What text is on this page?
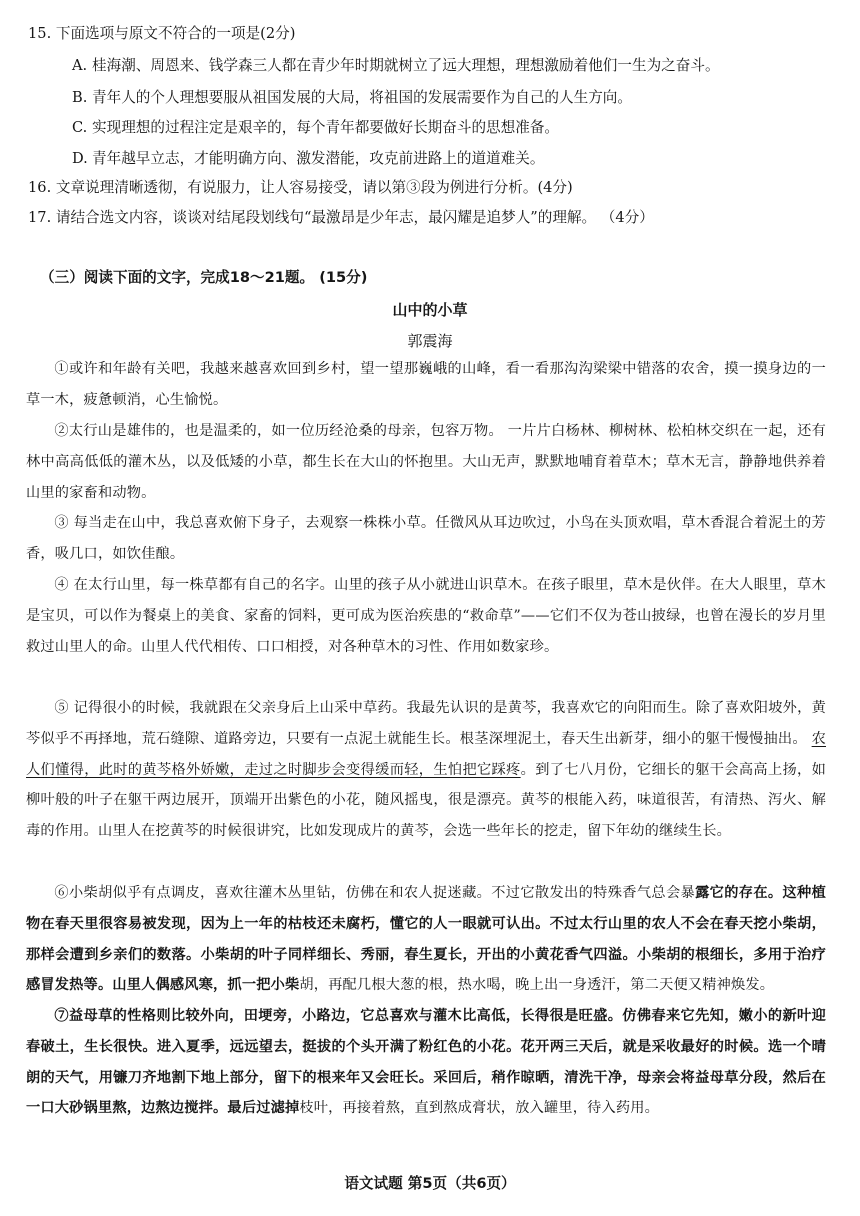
15. 下面选项与原文不符合的一项是(2分)
A. 桂海潮、周恩来、钱学森三人都在青少年时期就树立了远大理想，理想激励着他们一生为之奋斗。
B. 青年人的个人理想要服从祖国发展的大局，将祖国的发展需要作为自己的人生方向。
C. 实现理想的过程注定是艰辛的，每个青年都要做好长期奋斗的思想准备。
D. 青年越早立志，才能明确方向、激发潜能，攻克前进路上的道道难关。
16. 文章说理清晰透彻，有说服力，让人容易接受，请以第③段为例进行分析。(4分)
17. 请结合选文内容，谈谈对结尾段划线句“最激昂是少年志，最闪耀是追梦人”的理解。 （4分）
（三）阅读下面的文字，完成18～21题。 (15分)
山中的小草
郭震海
①或许和年龄有关吧，我越来越喜欢回到乡村，望一望那巍峨的山峰，看一看那沟沟梁梁中错落的农舍，摸一摸身边的一草一木，疲惫顿消，心生愉悦。
②太行山是雄伟的，也是温柔的，如一位历经沧桑的母亲，包容万物。 一片片白杨林、柳树林、松柏林交织在一起，还有林中高高低低的灌木丛，以及低矮的小草，都生长在大山的怀抱里。大山无声，默默地哺育着草木；草木无言，静静地供养着山里的家畜和动物。
③ 每当走在山中，我总喜欢俯下身子，去观察一株株小草。任微风从耳边吹过，小鸟在头顶欢唱，草木香混合着泥土的芳香，吸几口，如饮佳酿。
④ 在太行山里，每一株草都有自己的名字。山里的孩子从小就进山识草木。在孩子眼里，草木是伙伴。在大人眼里，草木是宝贝，可以作为餐桌上的美食、家畜的饲料，更可成为医治疾患的“救命草”——它们不仅为苍山披绿，也曾在漫长的岁月里救过山里人的命。山里人代代相传、口口相授，对各种草木的习性、作用如数家珍。
⑤ 记得很小的时候，我就跟在父亲身后上山采中草药。我最先认识的是黄芩，我喜欢它的向阳而生。除了喜欢阳坡外，黄芩似乎不再择地，荒石缝隙、道路旁边，只要有一点泥土就能生长。根茎深埋泥土，春天生出新芽，细小的躯干慢慢抽出。 农人们懂得，此时的黄芩格外娇嫩，走过之时脚步会变得缓而轻，生怕把它踩疼。到了七八月份，它细长的躯干会高高上扬，如柳叶般的叶子在躯干两边展开，顶端开出紫色的小花，随风摇曳，很是漂亮。黄芩的根能入药，味道很苦，有清热、泻火、解毒的作用。山里人在挖黄芩的时候很讲究，比如发现成片的黄芩，会选一些年长的挖走，留下年幼的继续生长。
⑥小柴胡似乎有点调皮，喜欢往灌木丛里钻，仿佛在和农人捉迷藏。不过它散发出的特殊香气总会暴露它的存在。这种植物在春天里很容易被发现，因为上一年的枯枝还未腐朽，懂它的人一眼就可认出。不过太行山里的农人不会在春天挖小柴胡，那样会遭到乡亲们的数落。小柴胡的叶子同样细长、秀丽，春生夏长，开出的小黄花香气四溢。小柴胡的根细长，多用于治疗感冒发热等。山里人偶感风寒，抓一把小柴胡，再配几根大葱的根，热水喝，晚上出一身透汗，第二天便又精神焕发。
⑦益母草的性格则比较外向，田埂旁，小路边，它总喜欢与灌木比高低，长得很是旺盛。仿佛春来它先知，嫩小的新叶迎春破土，生长很快。进入夏季，远远望去，挺拔的个头开满了粉红色的小花。花开两三天后，就是采收最好的时候。选一个晴朗的天气，用镰刀齐地割下地上部分，留下的根来年又会旺长。采回后，稍作晾晒，清洗干净，母亲会将益母草分段，然后在一口大砂锅里熬，边熬边搅拌。最后过滤掉枝叶，再接着熬，直到熬成膏状，放入罐里，待入药用。
语文试题 第5页（共6页）
